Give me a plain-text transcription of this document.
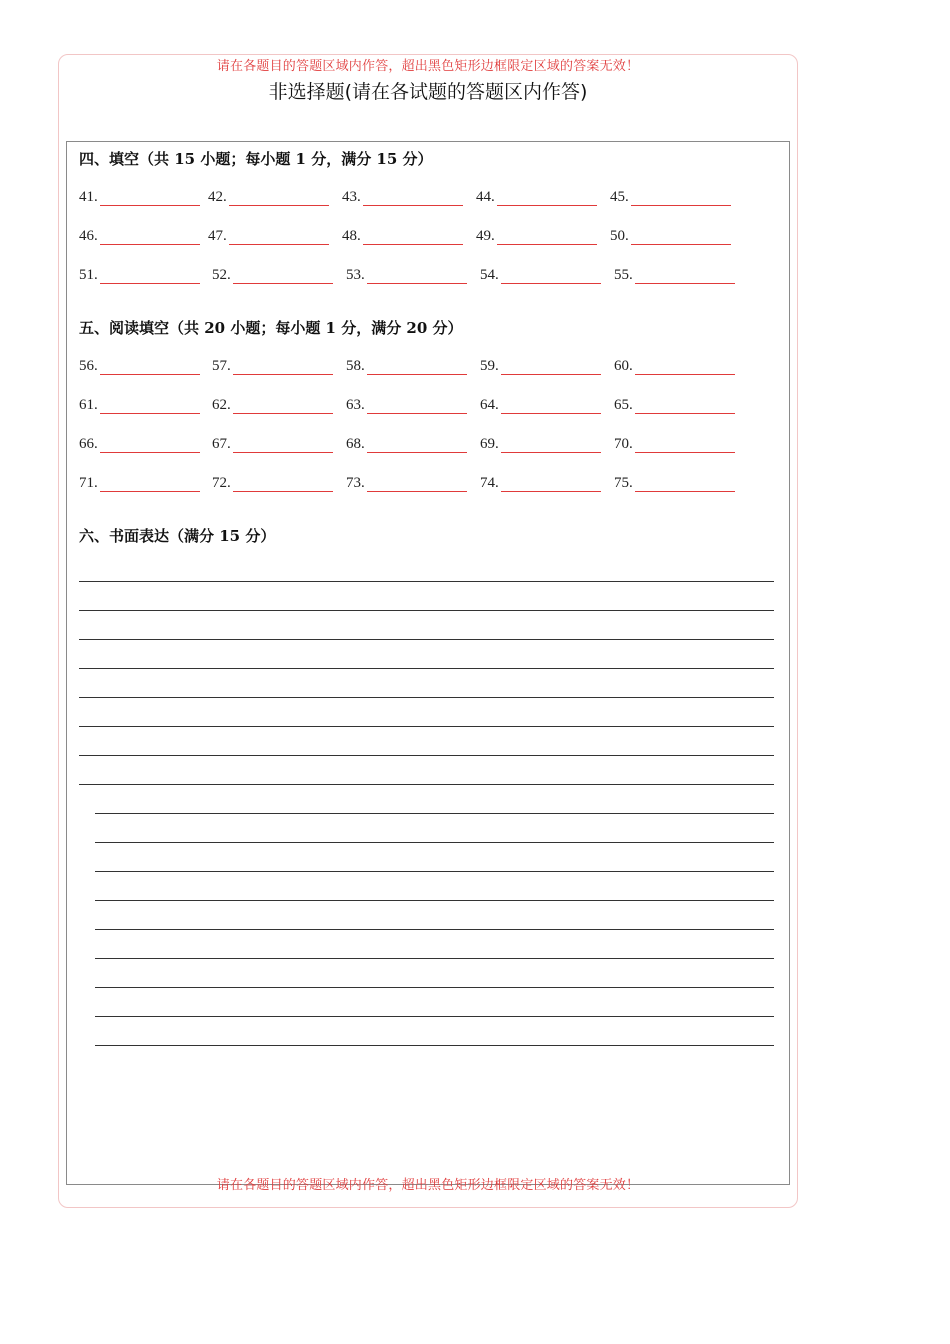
请在各题目的答题区域内作答，超出黑色矩形边框限定区域的答案无效！
非选择题(请在各试题的答题区内作答)
四、填空（共 15 小题；每小题 1 分，满分 15 分）
41.	42.	43.	44.	45.
46.	47.	48.	49.	50.
51.	52.	53.	54.	55.
五、阅读填空（共 20 小题；每小题 1 分，满分 20 分）
56.	57.	58.	59.	60.
61.	62.	63.	64.	65.
66.	67.	68.	69.	70.
71.	72.	73.	74.	75.
六、书面表达（满分 15 分）
请在各题目的答题区域内作答，超出黑色矩形边框限定区域的答案无效！
